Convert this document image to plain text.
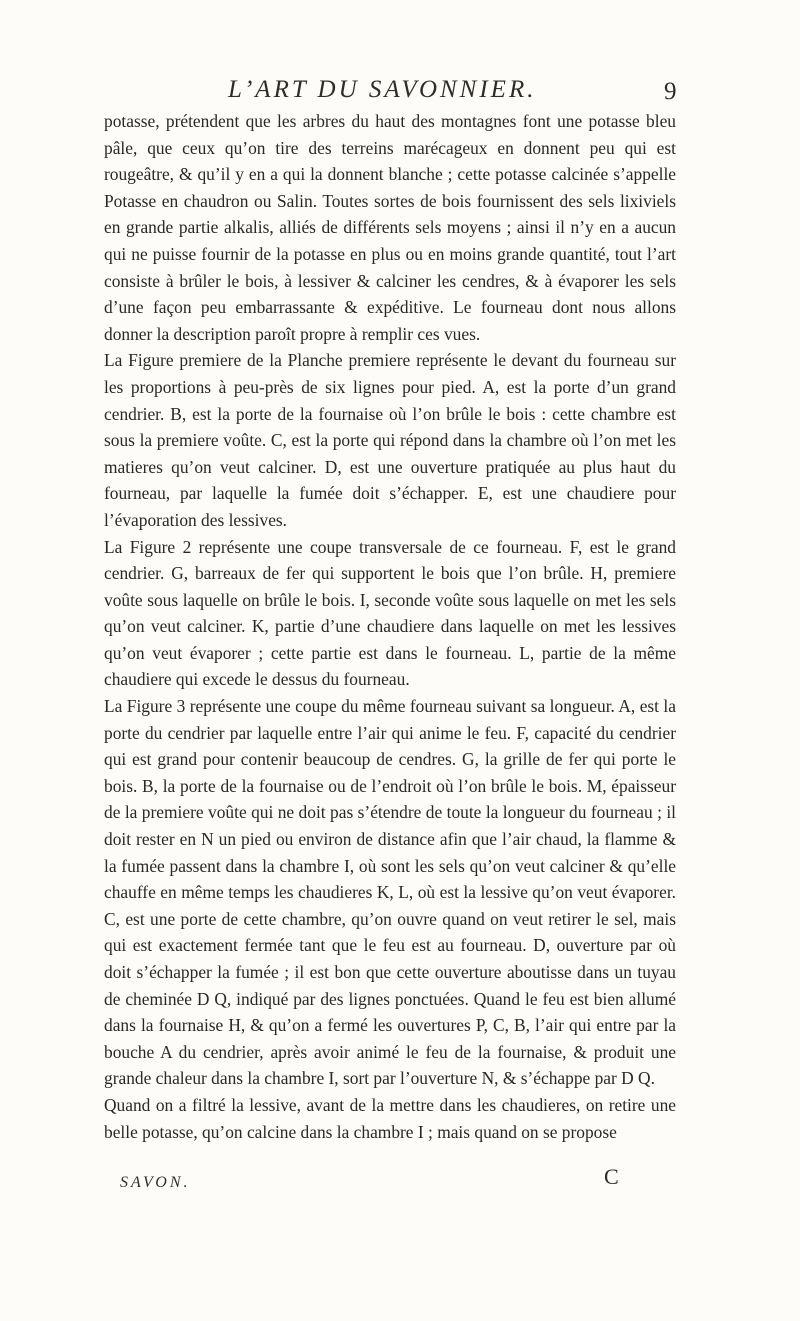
L’ART DU SAVONNIER.	9

potasse, prétendent que les arbres du haut des montagnes font une potasse bleu pâle, que ceux qu’on tire des terreins marécageux en donnent peu qui est rougeâtre, & qu’il y en a qui la donnent blanche ; cette potasse calcinée s’appelle Potasse en chaudron ou Salin. Toutes sortes de bois fournissent des sels lixiviels en grande partie alkalis, alliés de différents sels moyens ; ainsi il n’y en a aucun qui ne puisse fournir de la potasse en plus ou en moins grande quantité, tout l’art consiste à brûler le bois, à lessiver & calciner les cendres, & à évaporer les sels d’une façon peu embarrassante & expéditive. Le fourneau dont nous allons donner la description paroît propre à remplir ces vues.

La Figure premiere de la Planche premiere représente le devant du fourneau sur les proportions à peu-près de six lignes pour pied. A, est la porte d’un grand cendrier. B, est la porte de la fournaise où l’on brûle le bois : cette chambre est sous la premiere voûte. C, est la porte qui répond dans la chambre où l’on met les matieres qu’on veut calciner. D, est une ouverture pratiquée au plus haut du fourneau, par laquelle la fumée doit s’échapper. E, est une chaudiere pour l’évaporation des lessives.

La Figure 2 représente une coupe transversale de ce fourneau. F, est le grand cendrier. G, barreaux de fer qui supportent le bois que l’on brûle. H, premiere voûte sous laquelle on brûle le bois. I, seconde voûte sous laquelle on met les sels qu’on veut calciner. K, partie d’une chaudiere dans laquelle on met les lessives qu’on veut évaporer ; cette partie est dans le fourneau. L, partie de la même chaudiere qui excede le dessus du fourneau.

La Figure 3 représente une coupe du même fourneau suivant sa longueur. A, est la porte du cendrier par laquelle entre l’air qui anime le feu. F, capacité du cendrier qui est grand pour contenir beaucoup de cendres. G, la grille de fer qui porte le bois. B, la porte de la fournaise ou de l’endroit où l’on brûle le bois. M, épaisseur de la premiere voûte qui ne doit pas s’étendre de toute la longueur du fourneau ; il doit rester en N un pied ou environ de distance afin que l’air chaud, la flamme & la fumée passent dans la chambre I, où sont les sels qu’on veut calciner & qu’elle chauffe en même temps les chaudieres K, L, où est la lessive qu’on veut évaporer. C, est une porte de cette chambre, qu’on ouvre quand on veut retirer le sel, mais qui est exactement fermée tant que le feu est au fourneau. D, ouverture par où doit s’échapper la fumée ; il est bon que cette ouverture aboutisse dans un tuyau de cheminée D Q, indiqué par des lignes ponctuées. Quand le feu est bien allumé dans la fournaise H, & qu’on a fermé les ouvertures P, C, B, l’air qui entre par la bouche A du cendrier, après avoir animé le feu de la fournaise, & produit une grande chaleur dans la chambre I, sort par l’ouverture N, & s’échappe par D Q.

Quand on a filtré la lessive, avant de la mettre dans les chaudieres, on retire une belle potasse, qu’on calcine dans la chambre I ; mais quand on se propose

SAVON.	C
